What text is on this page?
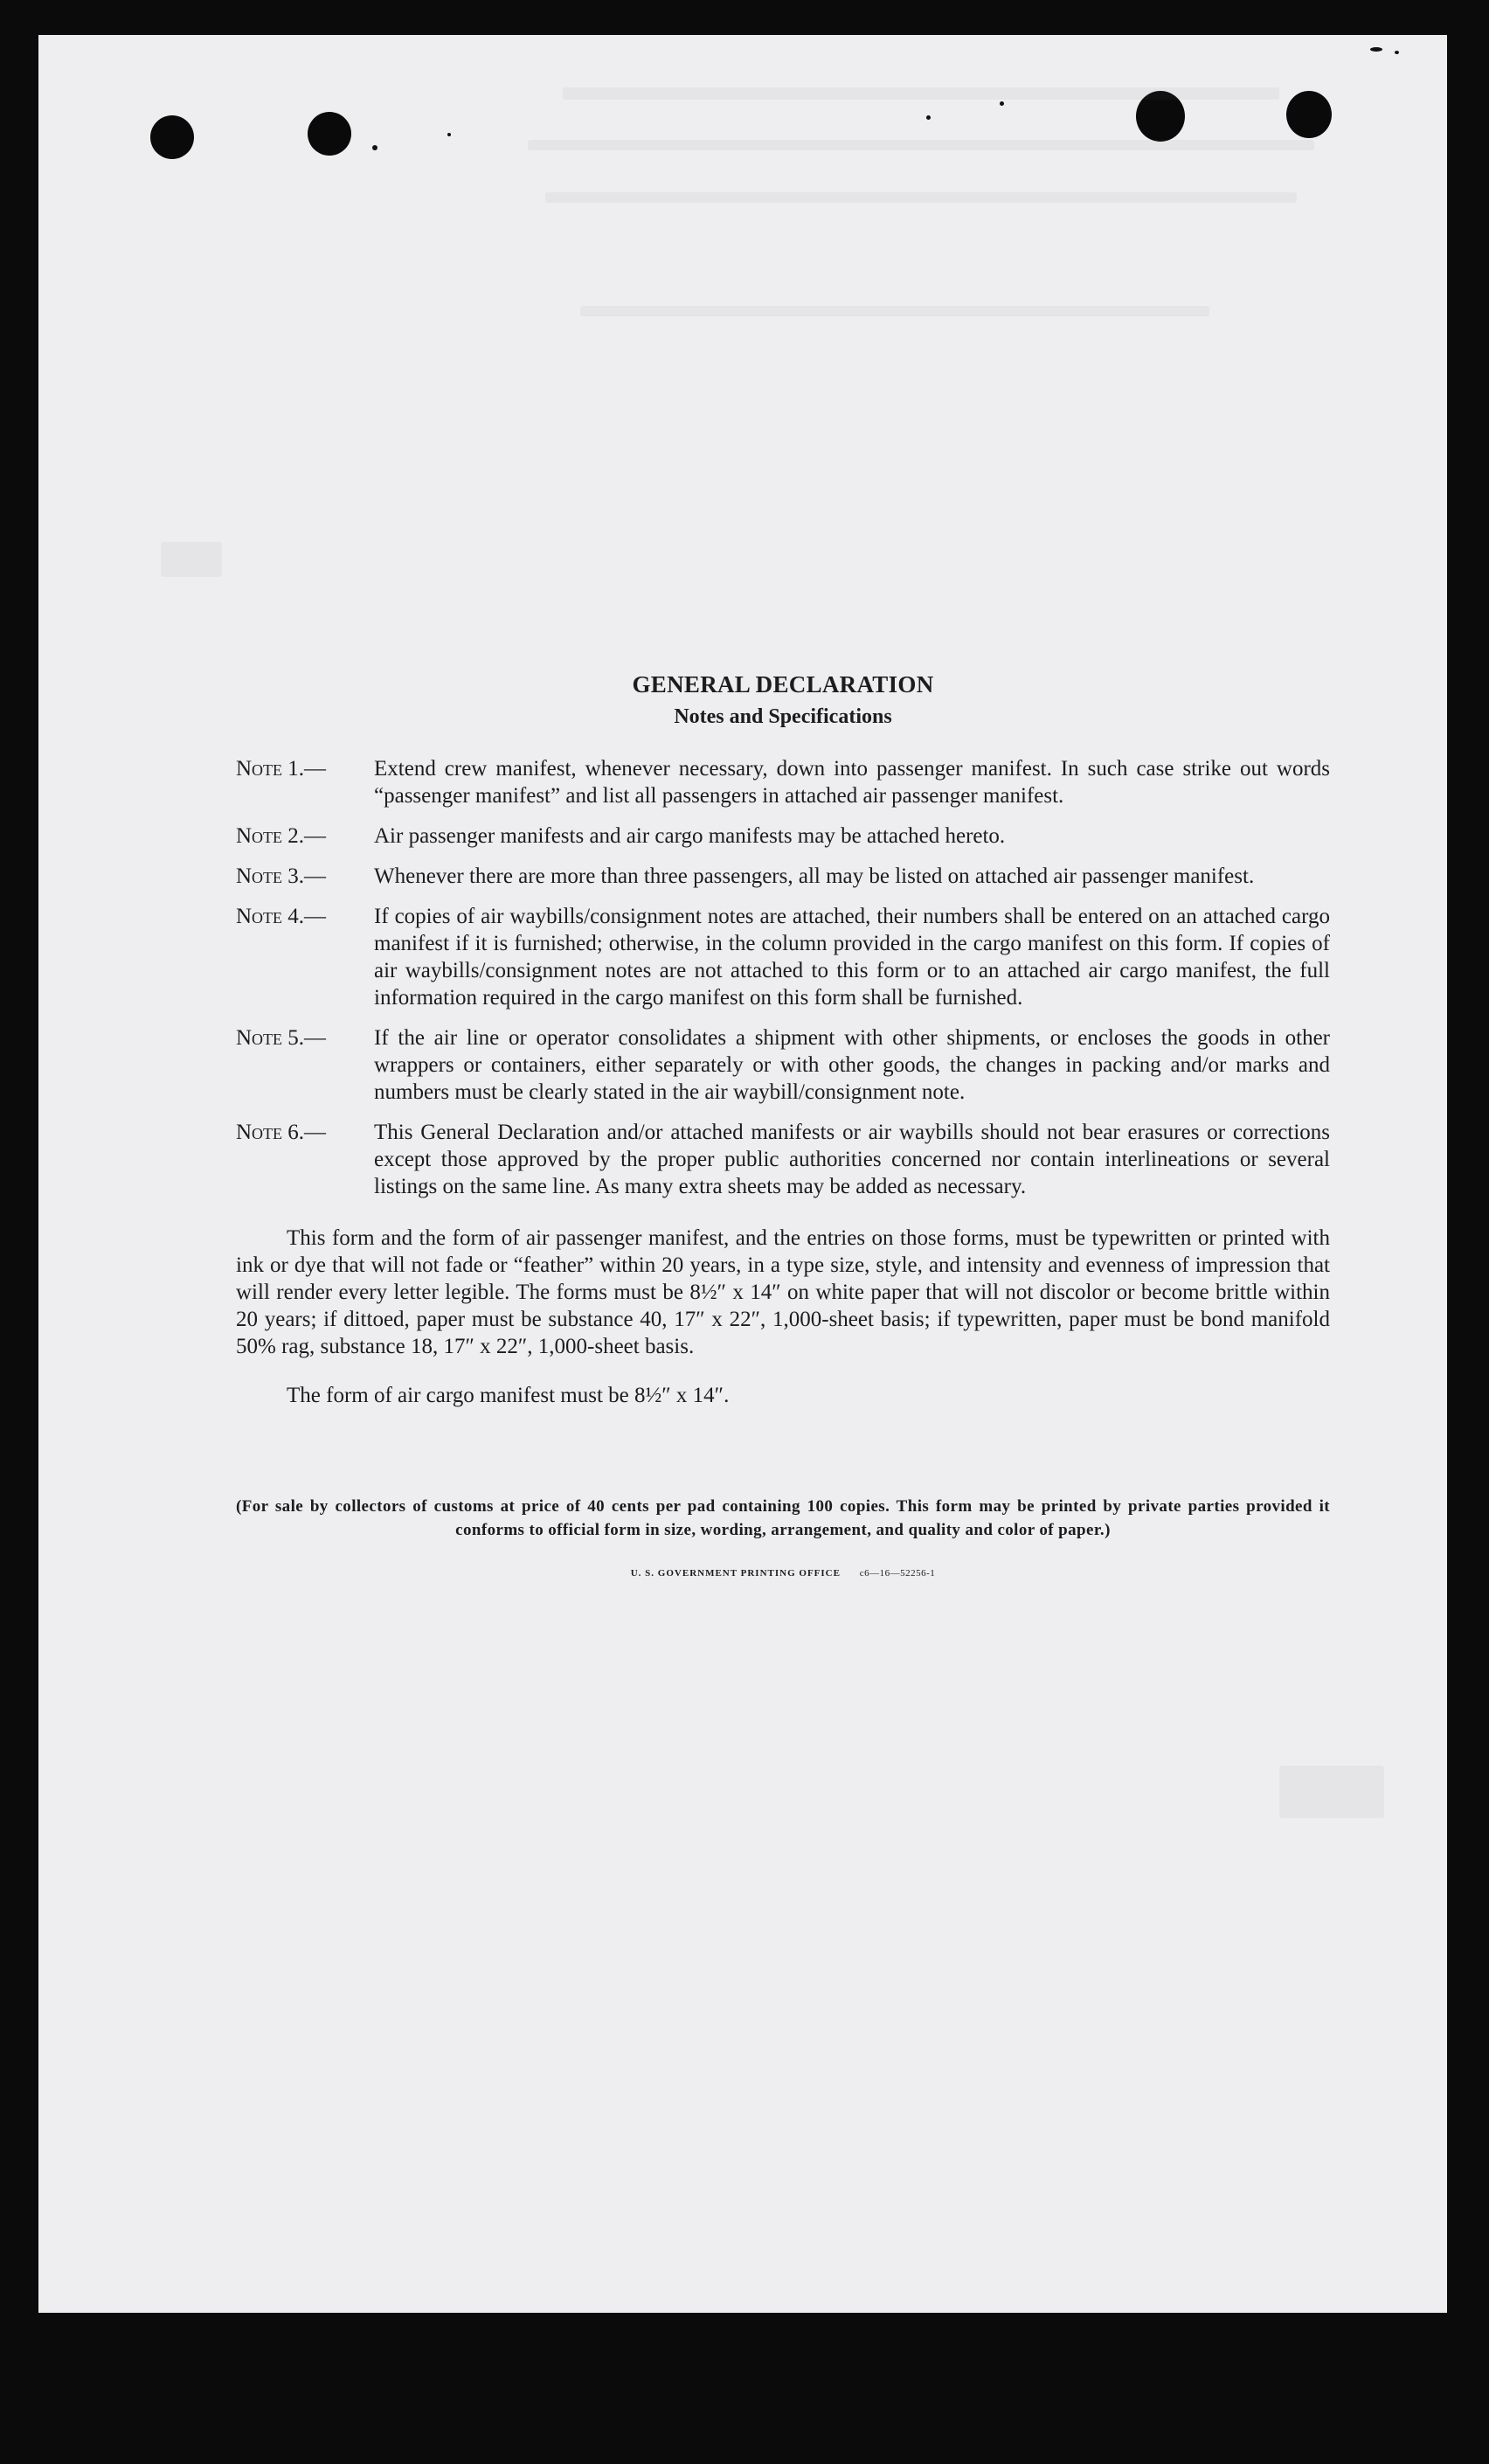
GENERAL DECLARATION
Notes and Specifications
Note 1.— Extend crew manifest, whenever necessary, down into passenger manifest. In such case strike out words “passenger manifest” and list all passengers in attached air passenger manifest.
Note 2.— Air passenger manifests and air cargo manifests may be attached hereto.
Note 3.— Whenever there are more than three passengers, all may be listed on attached air passenger manifest.
Note 4.— If copies of air waybills/consignment notes are attached, their numbers shall be entered on an attached cargo manifest if it is furnished; otherwise, in the column provided in the cargo manifest on this form. If copies of air waybills/consignment notes are not attached to this form or to an attached air cargo manifest, the full information required in the cargo manifest on this form shall be furnished.
Note 5.— If the air line or operator consolidates a shipment with other shipments, or encloses the goods in other wrappers or containers, either separately or with other goods, the changes in packing and/or marks and numbers must be clearly stated in the air waybill/consignment note.
Note 6.— This General Declaration and/or attached manifests or air waybills should not bear erasures or corrections except those approved by the proper public authorities concerned nor contain interlineations or several listings on the same line. As many extra sheets may be added as necessary.

This form and the form of air passenger manifest, and the entries on those forms, must be typewritten or printed with ink or dye that will not fade or “feather” within 20 years, in a type size, style, and intensity and evenness of impression that will render every letter legible. The forms must be 8½″ x 14″ on white paper that will not discolor or become brittle within 20 years; if dittoed, paper must be substance 40, 17″ x 22″, 1,000-sheet basis; if typewritten, paper must be bond manifold 50% rag, substance 18, 17″ x 22″, 1,000-sheet basis.

The form of air cargo manifest must be 8½″ x 14″.
(For sale by collectors of customs at price of 40 cents per pad containing 100 copies. This form may be printed by private parties provided it conforms to official form in size, wording, arrangement, and quality and color of paper.)
U. S. GOVERNMENT PRINTING OFFICE c6—16—52256-1
